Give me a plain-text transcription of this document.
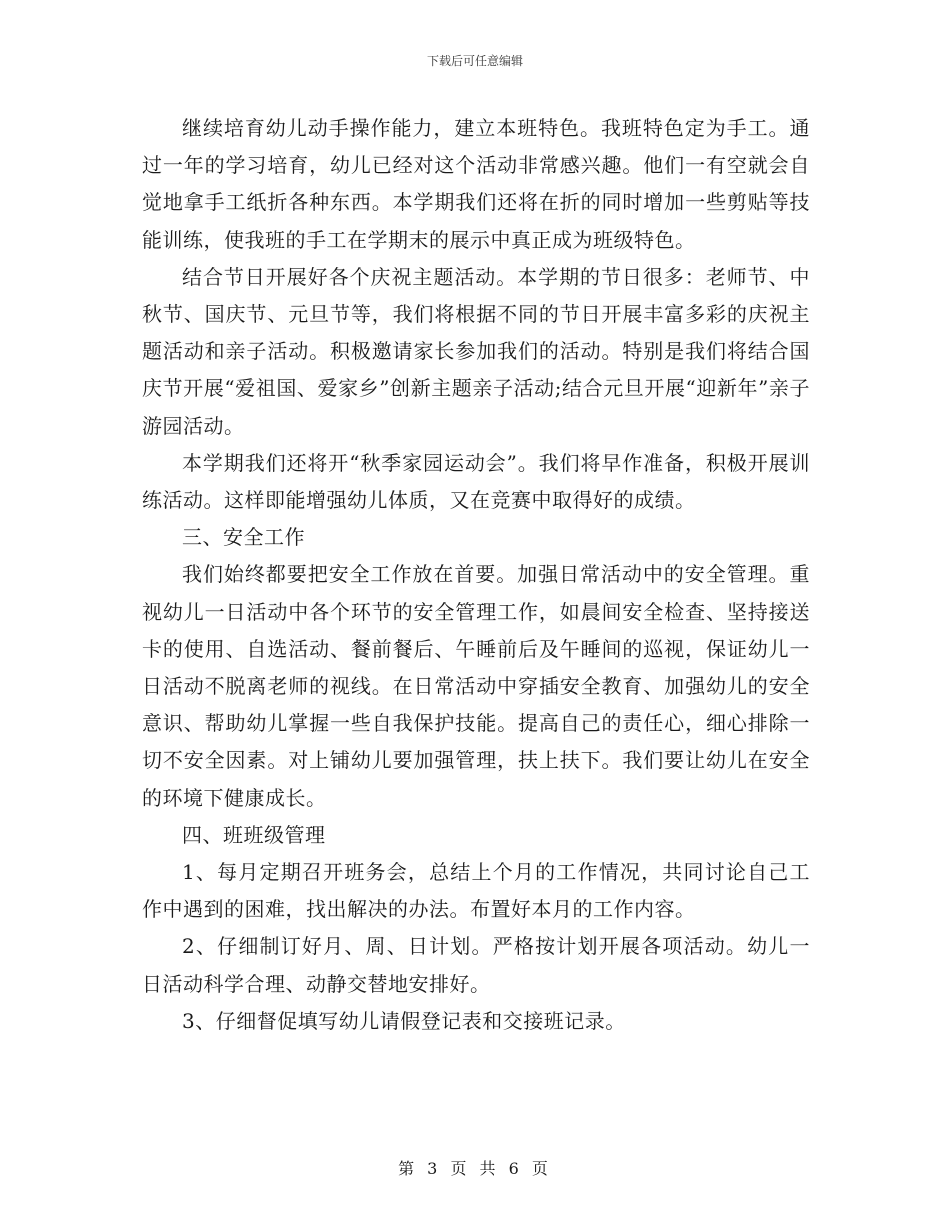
下载后可任意编辑

继续培育幼儿动手操作能力，建立本班特色。我班特色定为手工。通过一年的学习培育，幼儿已经对这个活动非常感兴趣。他们一有空就会自觉地拿手工纸折各种东西。本学期我们还将在折的同时增加一些剪贴等技能训练，使我班的手工在学期末的展示中真正成为班级特色。

结合节日开展好各个庆祝主题活动。本学期的节日很多：老师节、中秋节、国庆节、元旦节等，我们将根据不同的节日开展丰富多彩的庆祝主题活动和亲子活动。积极邀请家长参加我们的活动。特别是我们将结合国庆节开展“爱祖国、爱家乡”创新主题亲子活动;结合元旦开展“迎新年”亲子游园活动。

本学期我们还将开“秋季家园运动会”。我们将早作准备，积极开展训练活动。这样即能增强幼儿体质，又在竞赛中取得好的成绩。

三、安全工作

我们始终都要把安全工作放在首要。加强日常活动中的安全管理。重视幼儿一日活动中各个环节的安全管理工作，如晨间安全检查、坚持接送卡的使用、自选活动、餐前餐后、午睡前后及午睡间的巡视，保证幼儿一日活动不脱离老师的视线。在日常活动中穿插安全教育、加强幼儿的安全意识、帮助幼儿掌握一些自我保护技能。提高自己的责任心，细心排除一切不安全因素。对上铺幼儿要加强管理，扶上扶下。我们要让幼儿在安全的环境下健康成长。

四、班班级管理

1、每月定期召开班务会，总结上个月的工作情况，共同讨论自己工作中遇到的困难，找出解决的办法。布置好本月的工作内容。

2、仔细制订好月、周、日计划。严格按计划开展各项活动。幼儿一日活动科学合理、动静交替地安排好。

3、仔细督促填写幼儿请假登记表和交接班记录。

第 3 页 共 6 页
